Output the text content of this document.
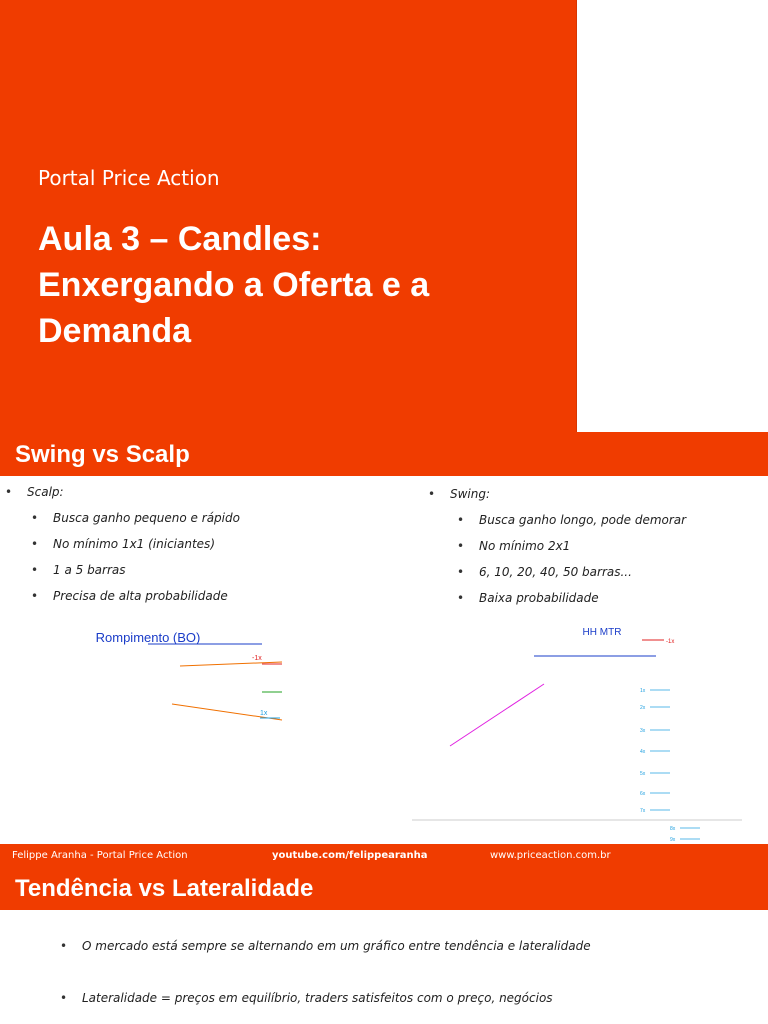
Portal Price Action
Aula 3 – Candles:
Enxergando a Oferta e a
Demanda
Swing vs Scalp
• Scalp:
• Busca ganho pequeno e rápido
• No mínimo 1x1 (iniciantes)
• 1 a 5 barras
• Precisa de alta probabilidade
• Swing:
• Busca ganho longo, pode demorar
• No mínimo 2x1
• 6, 10, 20, 40, 50 barras...
• Baixa probabilidade
Rompimento (BO)
-1x
1x
HH MTR
-1x
1x
2x
3x
4x
5x
6x
7x
8x
9x
Felippe Aranha - Portal Price Action	youtube.com/felippearanha	www.priceaction.com.br
Tendência vs Lateralidade
• O mercado está sempre se alternando em um gráfico entre tendência e lateralidade
• Lateralidade = preços em equilíbrio, traders satisfeitos com o preço, negócios
